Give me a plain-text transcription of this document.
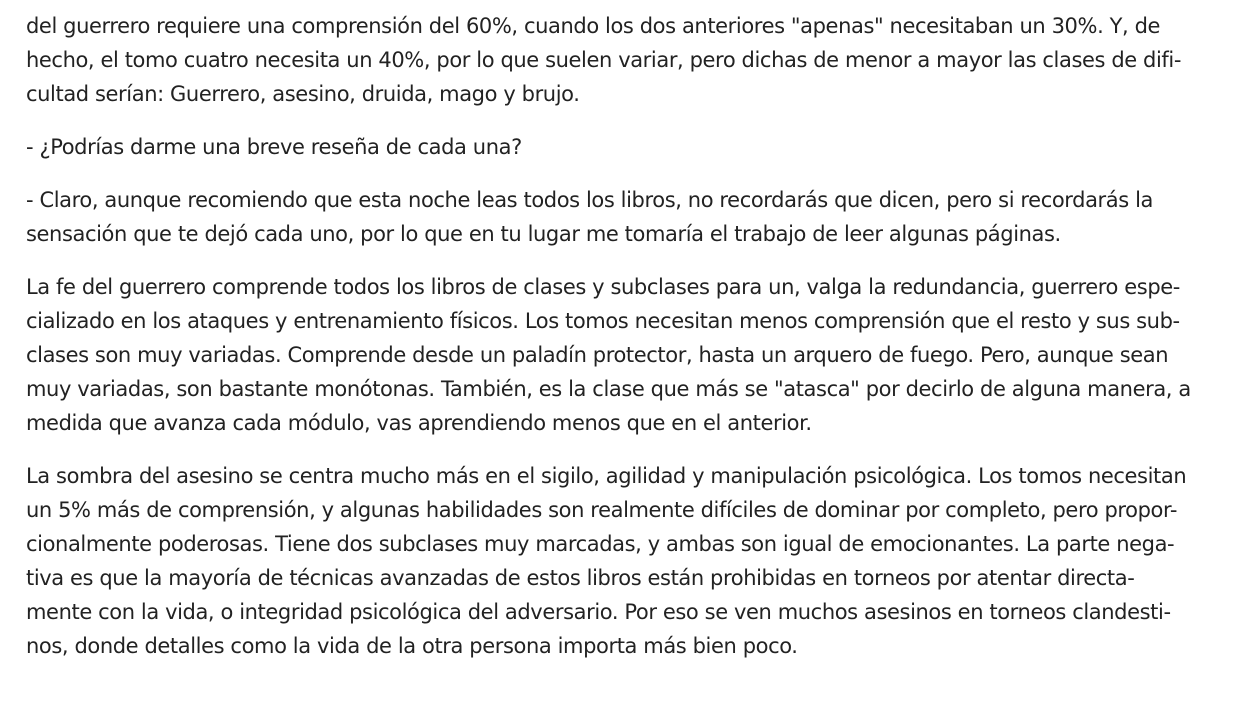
del guerrero requiere una comprensión del 60%, cuando los dos anteriores "apenas" necesitaban un 30%. Y, de
hecho, el tomo cuatro necesita un 40%, por lo que suelen variar, pero dichas de menor a mayor las clases de difi-
cultad serían: Guerrero, asesino, druida, mago y brujo.

- ¿Podrías darme una breve reseña de cada una?

- Claro, aunque recomiendo que esta noche leas todos los libros, no recordarás que dicen, pero si recordarás la
sensación que te dejó cada uno, por lo que en tu lugar me tomaría el trabajo de leer algunas páginas.

La fe del guerrero comprende todos los libros de clases y subclases para un, valga la redundancia, guerrero espe-
cializado en los ataques y entrenamiento físicos. Los tomos necesitan menos comprensión que el resto y sus sub-
clases son muy variadas. Comprende desde un paladín protector, hasta un arquero de fuego. Pero, aunque sean
muy variadas, son bastante monótonas. También, es la clase que más se "atasca" por decirlo de alguna manera, a
medida que avanza cada módulo, vas aprendiendo menos que en el anterior.

La sombra del asesino se centra mucho más en el sigilo, agilidad y manipulación psicológica. Los tomos necesitan
un 5% más de comprensión, y algunas habilidades son realmente difíciles de dominar por completo, pero propor-
cionalmente poderosas. Tiene dos subclases muy marcadas, y ambas son igual de emocionantes. La parte nega-
tiva es que la mayoría de técnicas avanzadas de estos libros están prohibidas en torneos por atentar directa-
mente con la vida, o integridad psicológica del adversario. Por eso se ven muchos asesinos en torneos clandesti-
nos, donde detalles como la vida de la otra persona importa más bien poco.
